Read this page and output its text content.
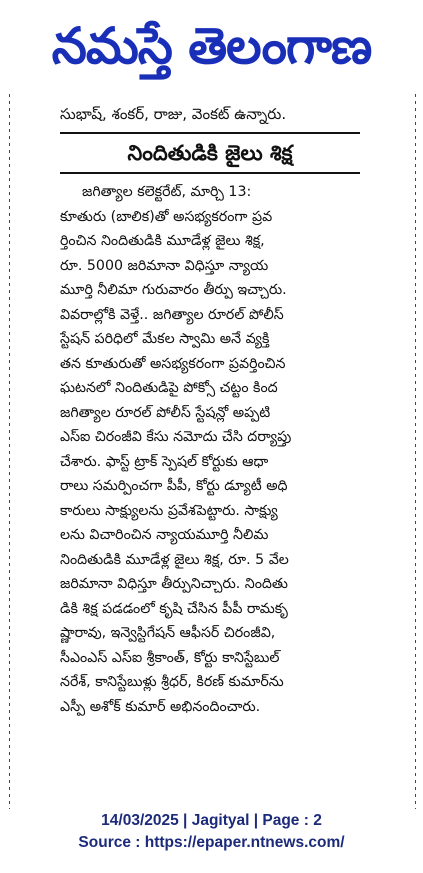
నమస్తే తెలంగాణ
సుభాష్, శంకర్, రాజు, వెంకట్ ఉన్నారు.
నిందితుడికి జైలు శిక్ష
జగిత్యాల కలెక్టరేట్, మార్చి 13:
కూతురు (బాలిక)తో అసభ్యకరంగా ప్రవ
ర్తించిన నిందితుడికి మూడేళ్ల జైలు శిక్ష,
రూ. 5000 జరిమానా విధిస్తూ న్యాయ
మూర్తి నీలిమా గురువారం తీర్పు ఇచ్చారు.
వివరాల్లోకి వెళ్తే.. జగిత్యాల రూరల్ పోలీస్
స్టేషన్ పరిధిలో మేకల స్వామి అనే వ్యక్తి
తన కూతురుతో అసభ్యకరంగా ప్రవర్తించిన
ఘటనలో నిందితుడిపై పోక్సో చట్టం కింద
జగిత్యాల రూరల్ పోలీస్ స్టేషన్లో అప్పటి
ఎస్ఐ చిరంజీవి కేసు నమోదు చేసి దర్యాప్తు
చేశారు. ఫాస్ట్ ట్రాక్ స్పెషల్ కోర్టుకు ఆధా
రాలు సమర్పించగా పీపీ, కోర్టు డ్యూటీ అధి
కారులు సాక్ష్యులను ప్రవేశపెట్టారు. సాక్ష్యు
లను విచారించిన న్యాయమూర్తి నీలిమ
నిందితుడికి మూడేళ్ల జైలు శిక్ష, రూ. 5 వేల
జరిమానా విధిస్తూ తీర్పునిచ్చారు. నిందితు
డికి శిక్ష పడడంలో కృషి చేసిన పీపీ రామకృ
ష్ణారావు, ఇన్వెస్టిగేషన్ ఆఫీసర్ చిరంజీవి,
సీఎంఎస్ ఎస్ఐ శ్రీకాంత్, కోర్టు కానిస్టేబుల్
నరేశ్, కానిస్టేబుళ్లు శ్రీధర్, కిరణ్ కుమార్‌ను
ఎస్పీ అశోక్ కుమార్ అభినందించారు.
14/03/2025 | Jagityal | Page : 2
Source : https://epaper.ntnews.com/
